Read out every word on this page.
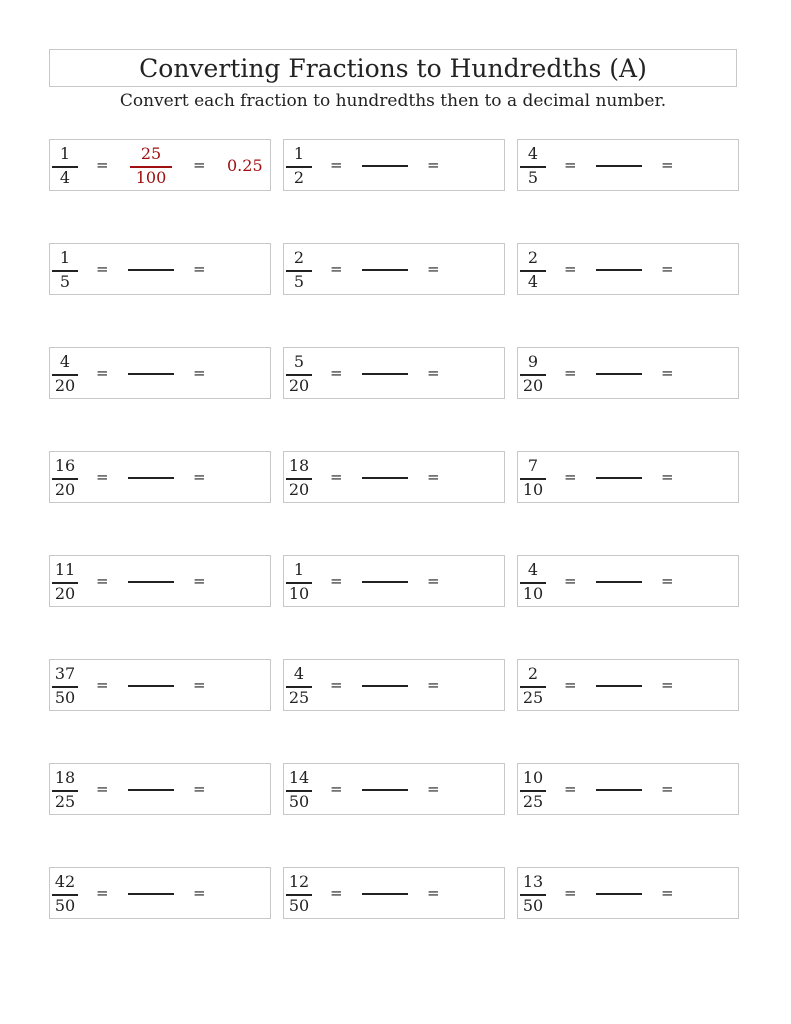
Converting Fractions to Hundredths (A)
Convert each fraction to hundredths then to a decimal number.
1
4
=
25
100
= 0.25
1
2
=	=
4
5
=	=
1
5
=	=
2
5
=	=
2
4
=	=
4
20
=	=
5
20
=	=
9
20
=	=
16
20
=	=
18
20
=	=
7
10
=	=
11
20
=	=
1
10
=	=
4
10
=	=
37
50
=	=
4
25
=	=
2
25
=	=
18
25
=	=
14
50
=	=
10
25
=	=
42
50
=	=
12
50
=	=
13
50
=	=
